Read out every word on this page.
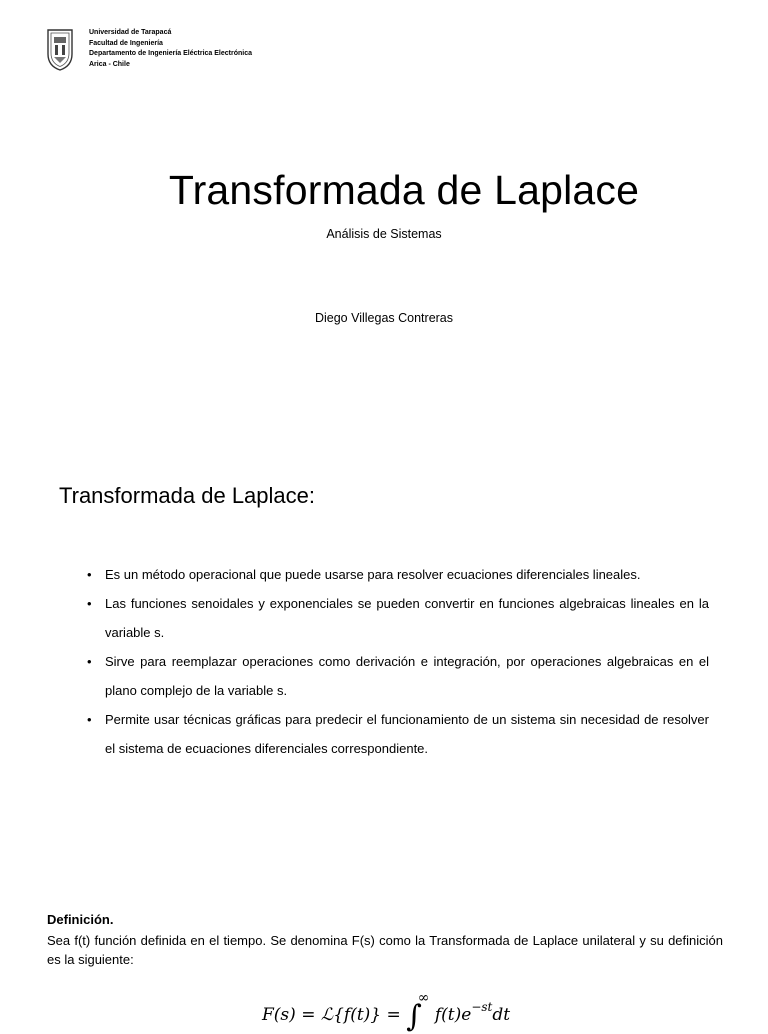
Universidad de Tarapacá
Facultad de Ingeniería
Departamento de Ingeniería Eléctrica Electrónica
Arica - Chile
Transformada de Laplace
Análisis de Sistemas
Diego Villegas Contreras
Transformada de Laplace:
• Es un método operacional que puede usarse para resolver ecuaciones diferenciales lineales.
• Las funciones senoidales y exponenciales se pueden convertir en funciones algebraicas lineales en la variable s.
• Sirve para reemplazar operaciones como derivación e integración, por operaciones algebraicas en el plano complejo de la variable s.
• Permite usar técnicas gráficas para predecir el funcionamiento de un sistema sin necesidad de resolver el sistema de ecuaciones diferenciales correspondiente.
Definición.
Sea f(t) función definida en el tiempo. Se denomina F(s) como la Transformada de Laplace unilateral y su definición es la siguiente:
F(s) = ℒ{f(t)} = ∫∞ $f(t)e^{-st}dt$
